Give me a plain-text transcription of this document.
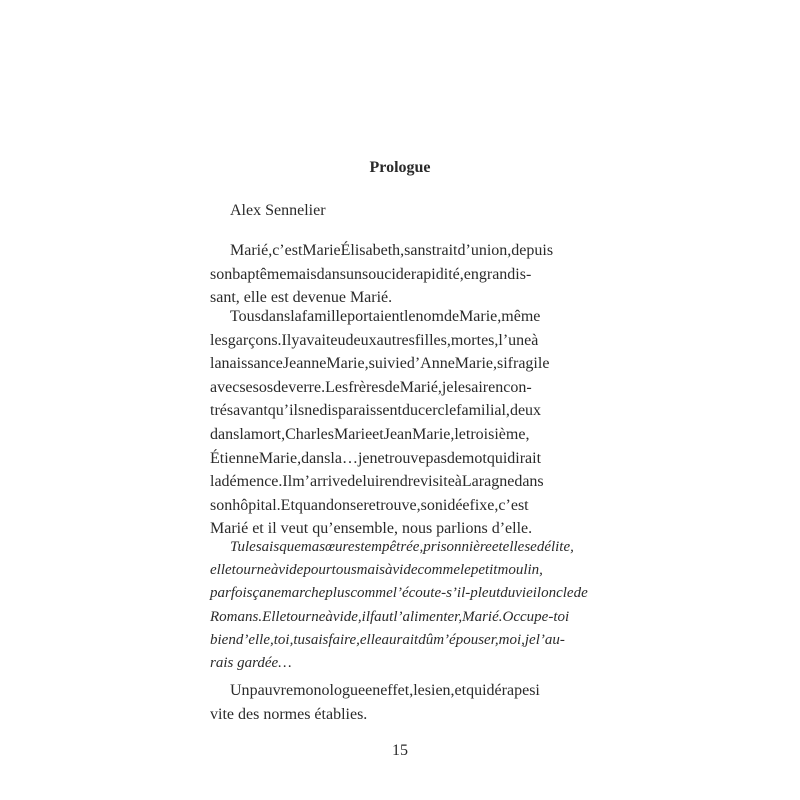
Prologue
Alex Sennelier
Marié,c’estMarieÉlisabeth,sanstraitd’union,depuis
sonbaptêmemaisdansunsouciderapidité,engrandis-
sant, elle est devenue Marié.
TousdanslafamilleportaientlenomdeMarie,même
lesgarçons.Ilyavaiteudeuxautresfilles,mortes,l’uneà
lanaissanceJeanneMarie,suivied’AnneMarie,sifragile
avecsesosdeverre.LesfrèresdeMarié,jelesairencon-
trésavantqu’ilsnedisparaissentducerclefamilial,deux
danslamort,CharlesMarieetJeanMarie,letroisième,
ÉtienneMarie,dansla…jenetrouvepasdemotquidirait
ladémence.Ilm’arrivedeluirendrevisiteàLaragnedans
sonhôpital.Etquandonseretrouve,sonidéefixe,c’est
Marié et il veut qu’ensemble, nous parlions d’elle.
Tulesaisquemasœurestempêtrée,prisonnièreetellesedélite,
elletourneàvidepourtousmaisàvidecommelepetitmoulin,
parfoisçanemarchepluscommel’écoute-s’il-pleutduvieilonclede
Romans.Elletourneàvide,ilfautl’alimenter,Marié.Occupe-toi
biend’elle,toi,tusaisfaire,elleauraitdûm’épouser,moi,jel’au-
rais gardée…
Unpauvremonologueeneffet,lesien,etquidérapesi
vite des normes établies.
15
